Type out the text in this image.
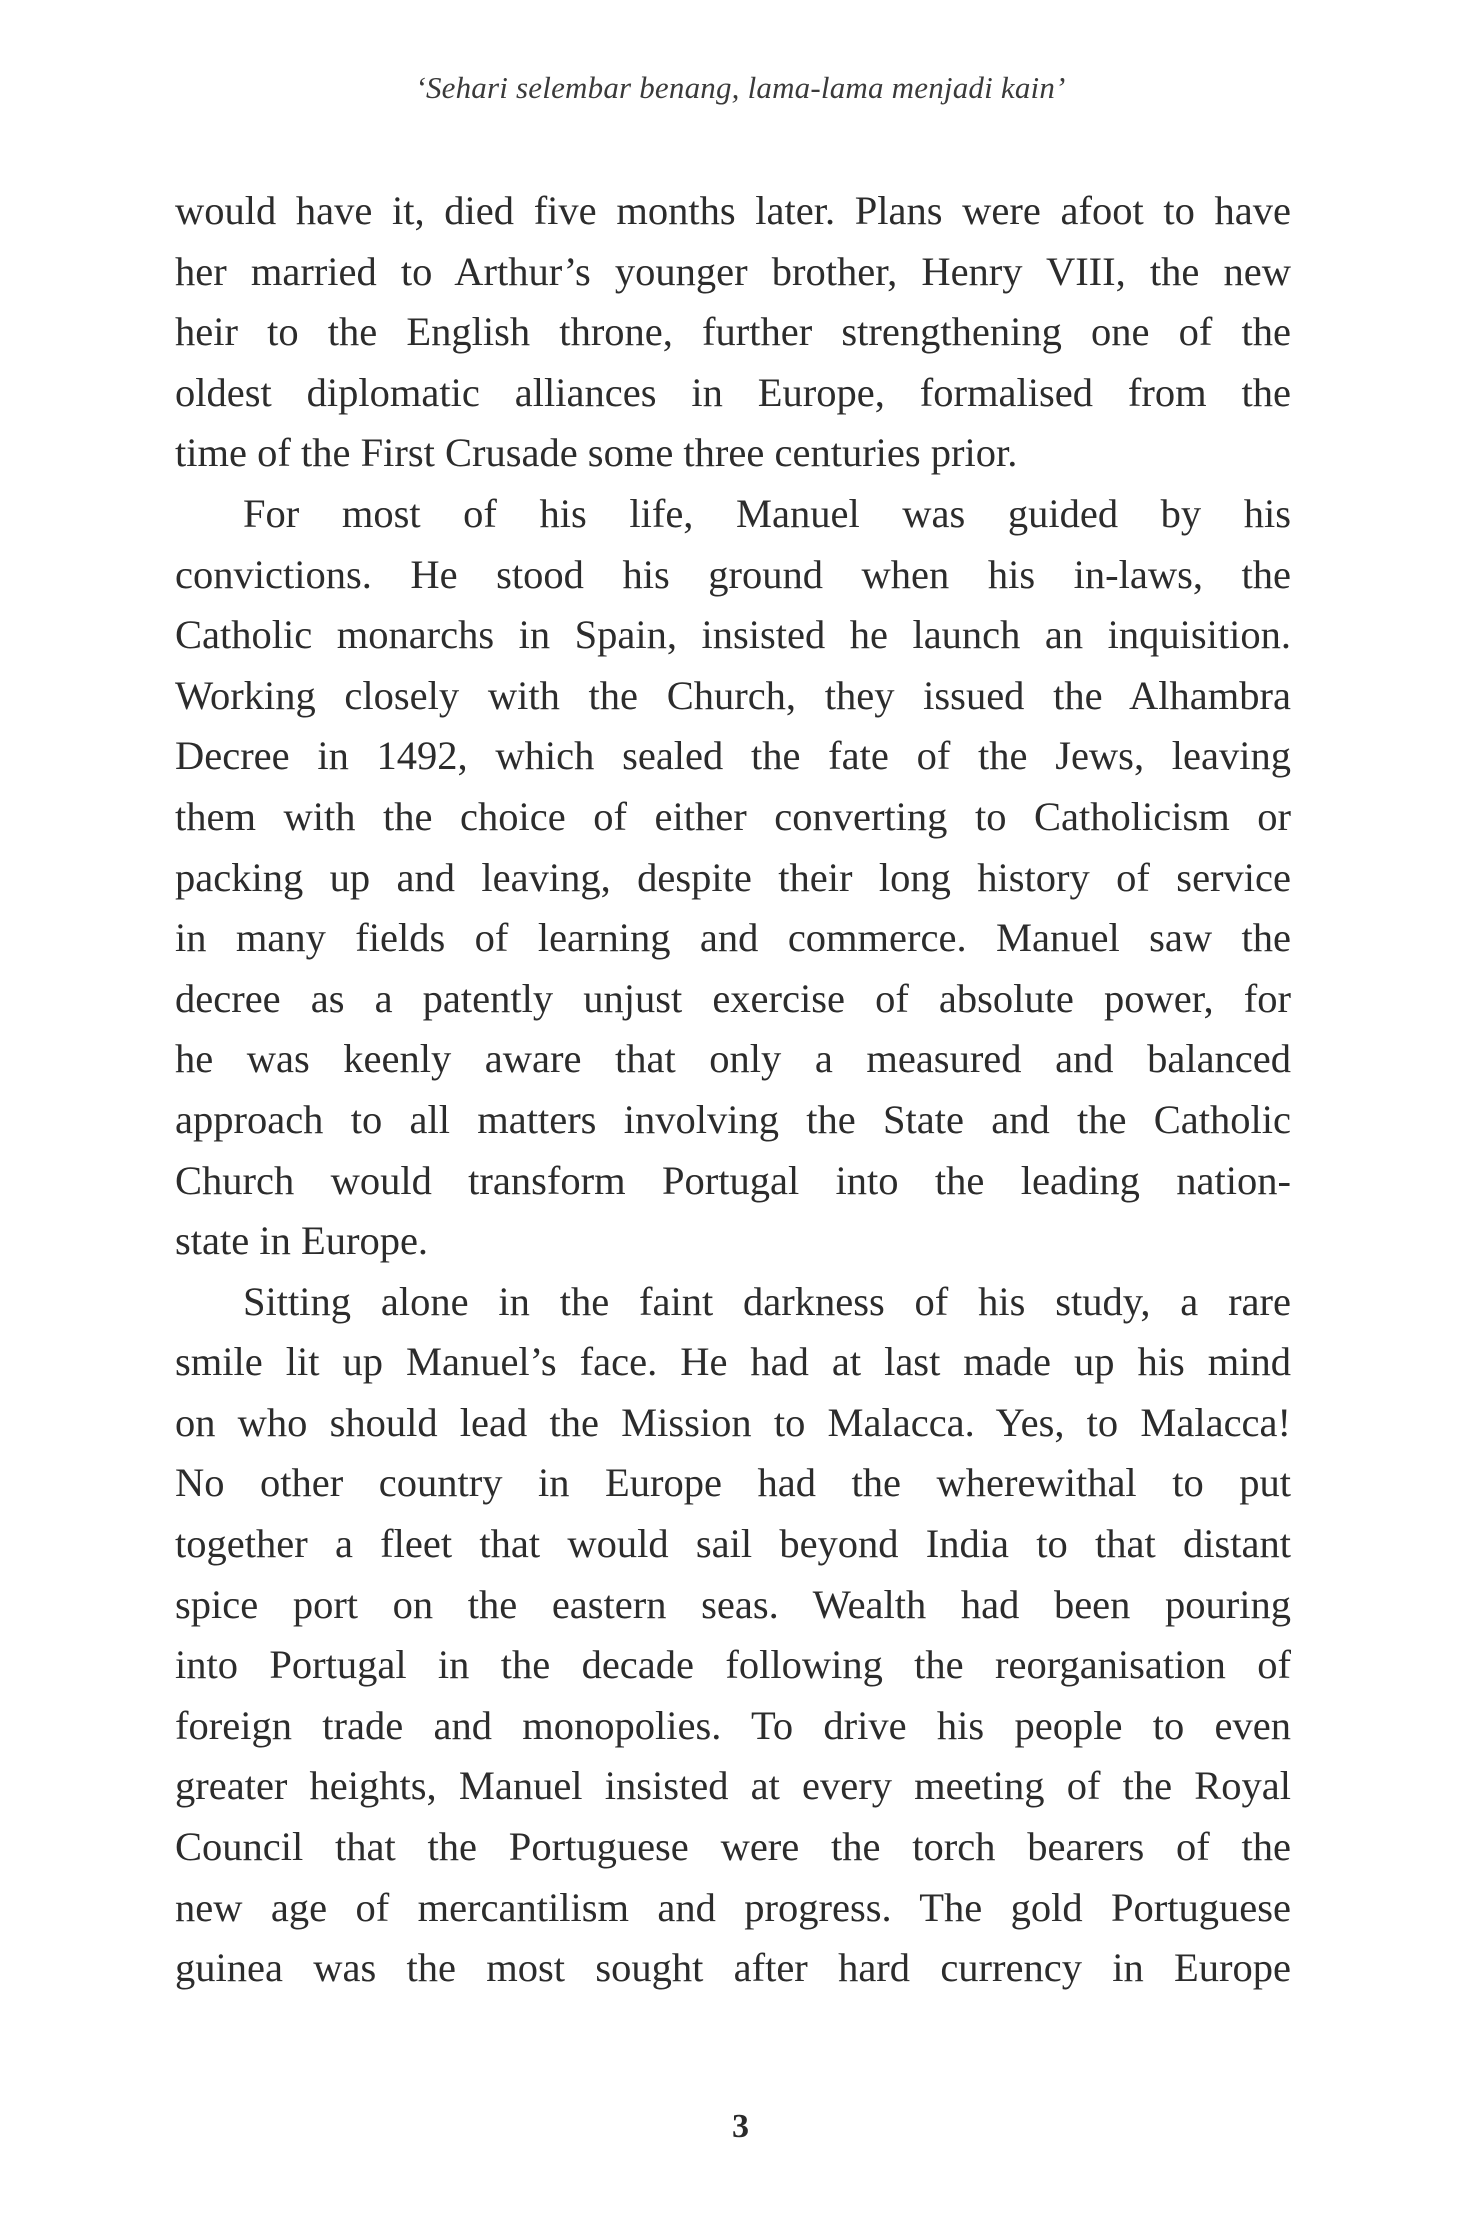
‘Sehari selembar benang, lama-lama menjadi kain’
would have it, died five months later. Plans were afoot to have
her married to Arthur’s younger brother, Henry VIII, the new
heir to the English throne, further strengthening one of the
oldest diplomatic alliances in Europe, formalised from the
time of the First Crusade some three centuries prior.
For most of his life, Manuel was guided by his
convictions. He stood his ground when his in-laws, the
Catholic monarchs in Spain, insisted he launch an inquisition.
Working closely with the Church, they issued the Alhambra
Decree in 1492, which sealed the fate of the Jews, leaving
them with the choice of either converting to Catholicism or
packing up and leaving, despite their long history of service
in many fields of learning and commerce. Manuel saw the
decree as a patently unjust exercise of absolute power, for
he was keenly aware that only a measured and balanced
approach to all matters involving the State and the Catholic
Church would transform Portugal into the leading nation-
state in Europe.
Sitting alone in the faint darkness of his study, a rare
smile lit up Manuel’s face. He had at last made up his mind
on who should lead the Mission to Malacca. Yes, to Malacca!
No other country in Europe had the wherewithal to put
together a fleet that would sail beyond India to that distant
spice port on the eastern seas. Wealth had been pouring
into Portugal in the decade following the reorganisation of
foreign trade and monopolies. To drive his people to even
greater heights, Manuel insisted at every meeting of the Royal
Council that the Portuguese were the torch bearers of the
new age of mercantilism and progress. The gold Portuguese
guinea was the most sought after hard currency in Europe
3
